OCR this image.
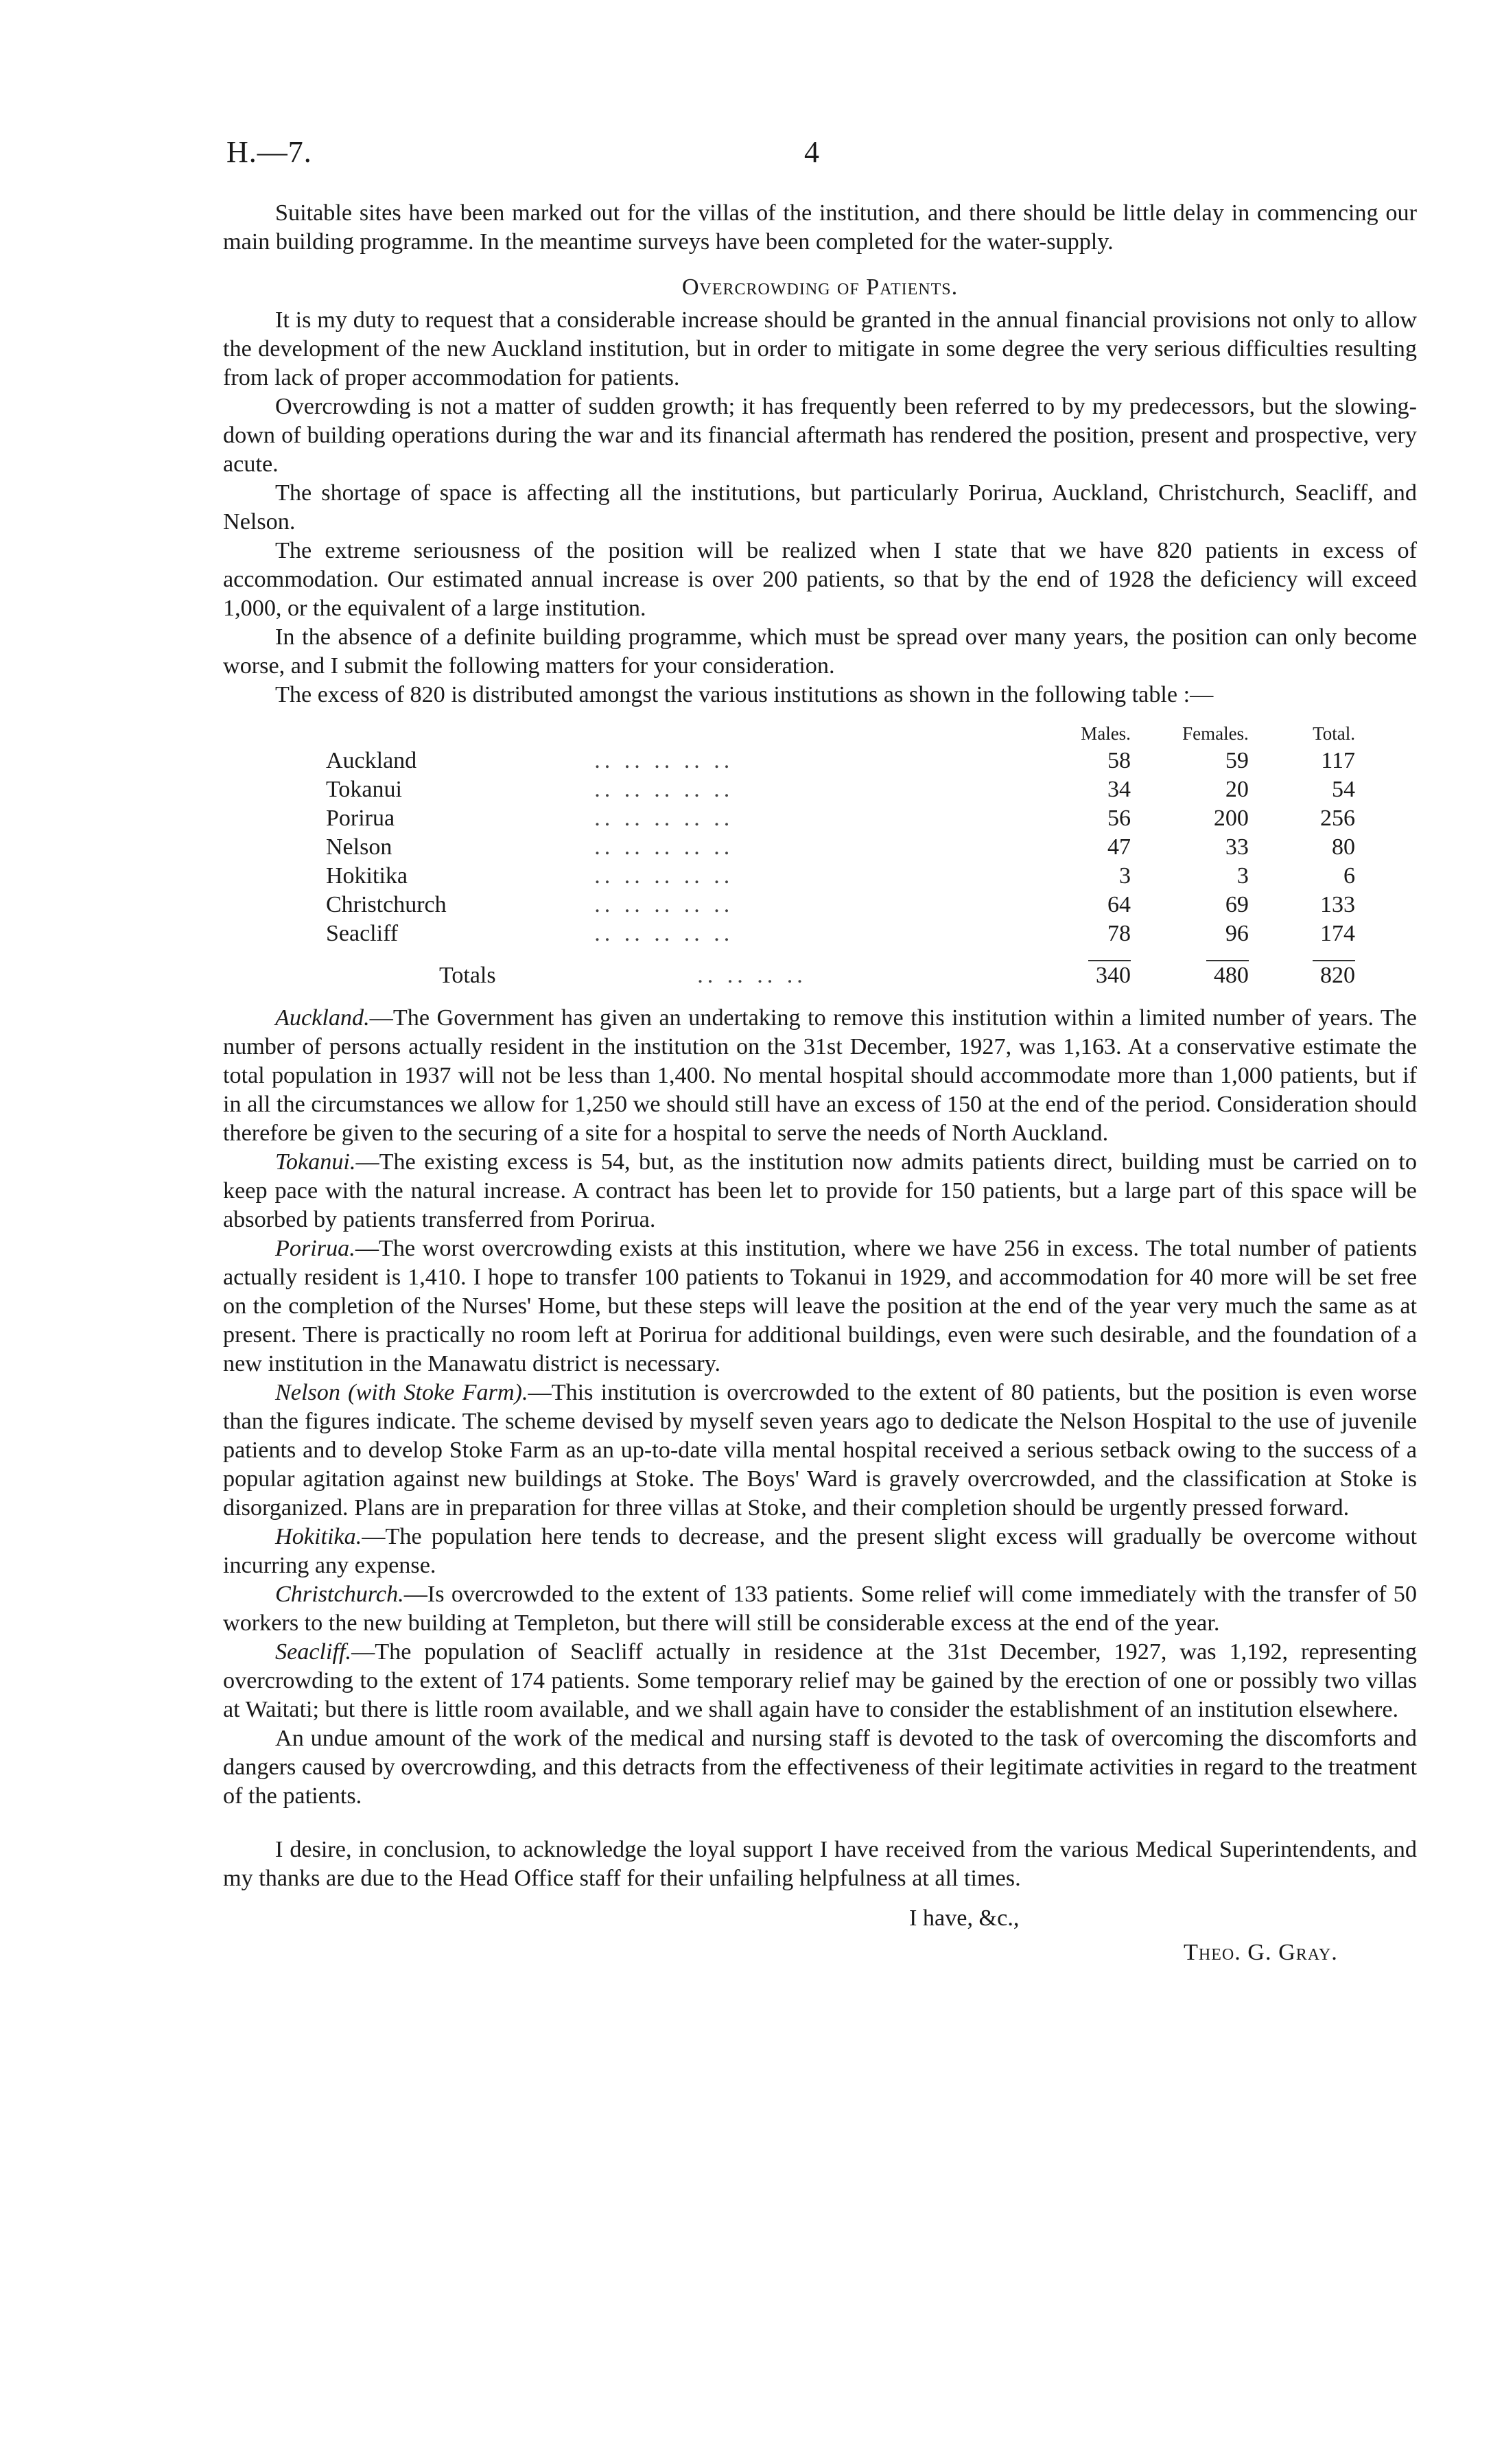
H.—7.	4

Suitable sites have been marked out for the villas of the institution, and there should be little delay in commencing our main building programme. In the meantime surveys have been completed for the water-supply.

Overcrowding of Patients.

It is my duty to request that a considerable increase should be granted in the annual financial provisions not only to allow the development of the new Auckland institution, but in order to mitigate in some degree the very serious difficulties resulting from lack of proper accommodation for patients.

Overcrowding is not a matter of sudden growth; it has frequently been referred to by my predecessors, but the slowing-down of building operations during the war and its financial aftermath has rendered the position, present and prospective, very acute.

The shortage of space is affecting all the institutions, but particularly Porirua, Auckland, Christchurch, Seacliff, and Nelson.

The extreme seriousness of the position will be realized when I state that we have 820 patients in excess of accommodation. Our estimated annual increase is over 200 patients, so that by the end of 1928 the deficiency will exceed 1,000, or the equivalent of a large institution.

In the absence of a definite building programme, which must be spread over many years, the position can only become worse, and I submit the following matters for your consideration.

The excess of 820 is distributed amongst the various institutions as shown in the following table :—

		Males.	Females.	Total.
Auckland	.. .. .. .. ..	58	59	117
Tokanui	.. .. .. .. ..	34	20	54
Porirua	.. .. .. .. ..	56	200	256
Nelson	.. .. .. .. ..	47	33	80
Hokitika	.. .. .. .. ..	3	3	6
Christchurch	.. .. .. .. ..	64	69	133
Seacliff	.. .. .. .. ..	78	96	174

Totals	.. .. .. ..	340	480	820

Auckland.—The Government has given an undertaking to remove this institution within a limited number of years. The number of persons actually resident in the institution on the 31st December, 1927, was 1,163. At a conservative estimate the total population in 1937 will not be less than 1,400. No mental hospital should accommodate more than 1,000 patients, but if in all the circumstances we allow for 1,250 we should still have an excess of 150 at the end of the period. Consideration should therefore be given to the securing of a site for a hospital to serve the needs of North Auckland.

Tokanui.—The existing excess is 54, but, as the institution now admits patients direct, building must be carried on to keep pace with the natural increase. A contract has been let to provide for 150 patients, but a large part of this space will be absorbed by patients transferred from Porirua.

Porirua.—The worst overcrowding exists at this institution, where we have 256 in excess. The total number of patients actually resident is 1,410. I hope to transfer 100 patients to Tokanui in 1929, and accommodation for 40 more will be set free on the completion of the Nurses' Home, but these steps will leave the position at the end of the year very much the same as at present. There is practically no room left at Porirua for additional buildings, even were such desirable, and the foundation of a new institution in the Manawatu district is necessary.

Nelson (with Stoke Farm).—This institution is overcrowded to the extent of 80 patients, but the position is even worse than the figures indicate. The scheme devised by myself seven years ago to dedicate the Nelson Hospital to the use of juvenile patients and to develop Stoke Farm as an up-to-date villa mental hospital received a serious setback owing to the success of a popular agitation against new buildings at Stoke. The Boys' Ward is gravely overcrowded, and the classification at Stoke is disorganized. Plans are in preparation for three villas at Stoke, and their completion should be urgently pressed forward.

Hokitika.—The population here tends to decrease, and the present slight excess will gradually be overcome without incurring any expense.

Christchurch.—Is overcrowded to the extent of 133 patients. Some relief will come immediately with the transfer of 50 workers to the new building at Templeton, but there will still be considerable excess at the end of the year.

Seacliff.—The population of Seacliff actually in residence at the 31st December, 1927, was 1,192, representing overcrowding to the extent of 174 patients. Some temporary relief may be gained by the erection of one or possibly two villas at Waitati; but there is little room available, and we shall again have to consider the establishment of an institution elsewhere.

An undue amount of the work of the medical and nursing staff is devoted to the task of overcoming the discomforts and dangers caused by overcrowding, and this detracts from the effectiveness of their legitimate activities in regard to the treatment of the patients.

I desire, in conclusion, to acknowledge the loyal support I have received from the various Medical Superintendents, and my thanks are due to the Head Office staff for their unfailing helpfulness at all times.

I have, &c.,

Theo. G. Gray.
